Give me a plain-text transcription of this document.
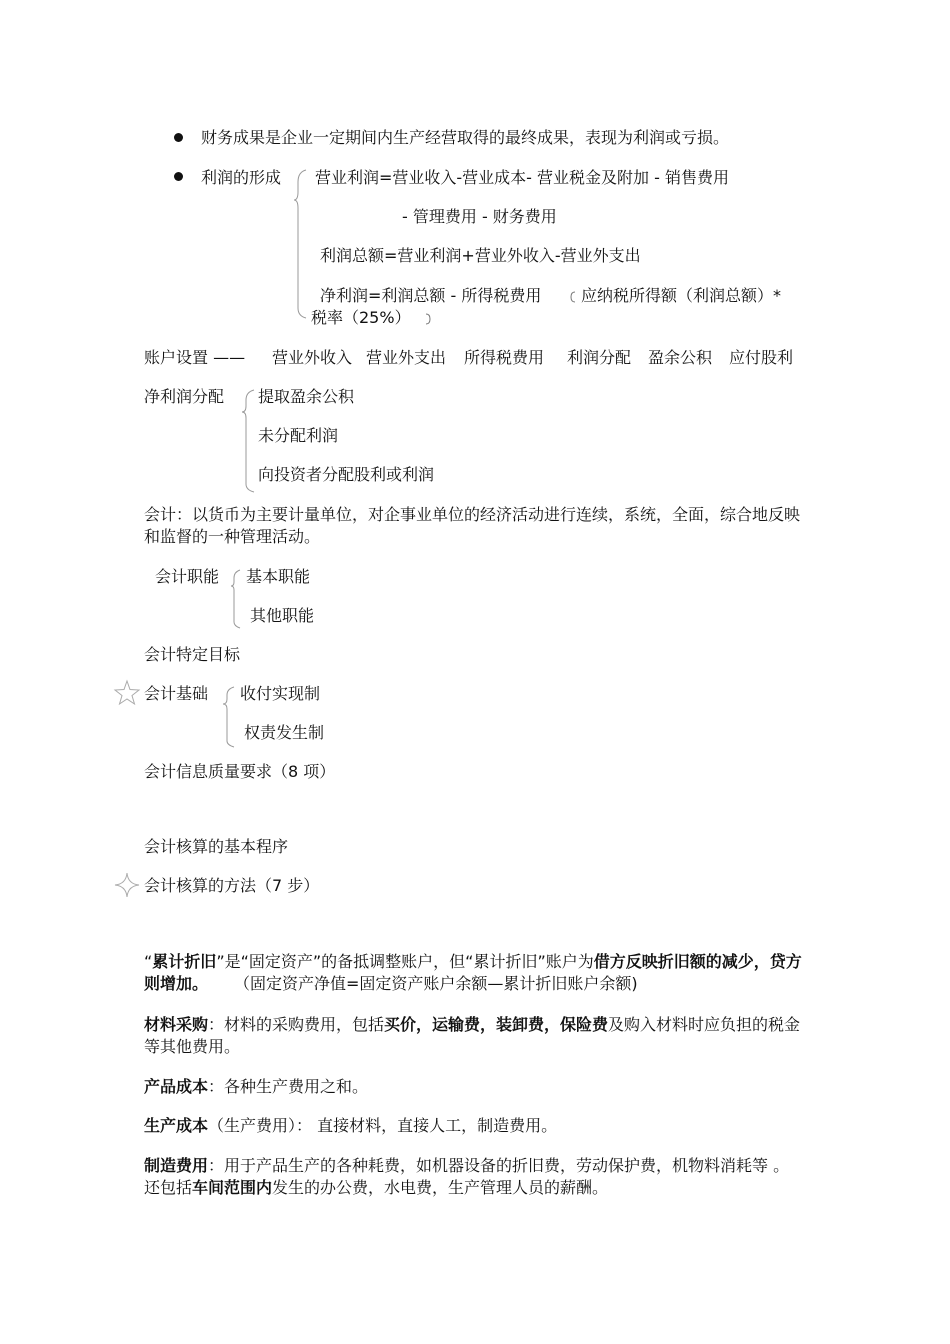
财务成果是企业一定期间内生产经营取得的最终成果，表现为利润或亏损。
利润的形成 营业利润=营业收入-营业成本- 营业税金及附加 - 销售费用
- 管理费用 - 财务费用
利润总额=营业利润+营业外收入-营业外支出
净利润=利润总额 - 所得税费用 应纳税所得额（利润总额）*
税率（25%）
账户设置 —— 营业外收入 营业外支出 所得税费用 利润分配 盈余公积 应付股利
净利润分配 提取盈余公积
未分配利润
向投资者分配股利或利润
会计：以货币为主要计量单位，对企事业单位的经济活动进行连续，系统，全面，综合地反映和监督的一种管理活动。
会计职能 基本职能
其他职能
会计特定目标
会计基础 收付实现制
权责发生制
会计信息质量要求（8 项）
会计核算的基本程序
会计核算的方法（7 步）
“累计折旧”是“固定资产”的备抵调整账户，但“累计折旧”账户为借方反映折旧额的减少，贷方则增加。 （固定资产净值=固定资产账户余额—累计折旧账户余额)
材料采购：材料的采购费用，包括买价，运输费，装卸费，保险费及购入材料时应负担的税金等其他费用。
产品成本：各种生产费用之和。
生产成本（生产费用）： 直接材料，直接人工，制造费用。
制造费用：用于产品生产的各种耗费，如机器设备的折旧费，劳动保护费，机物料消耗等 。还包括车间范围内发生的办公费，水电费，生产管理人员的薪酬。
